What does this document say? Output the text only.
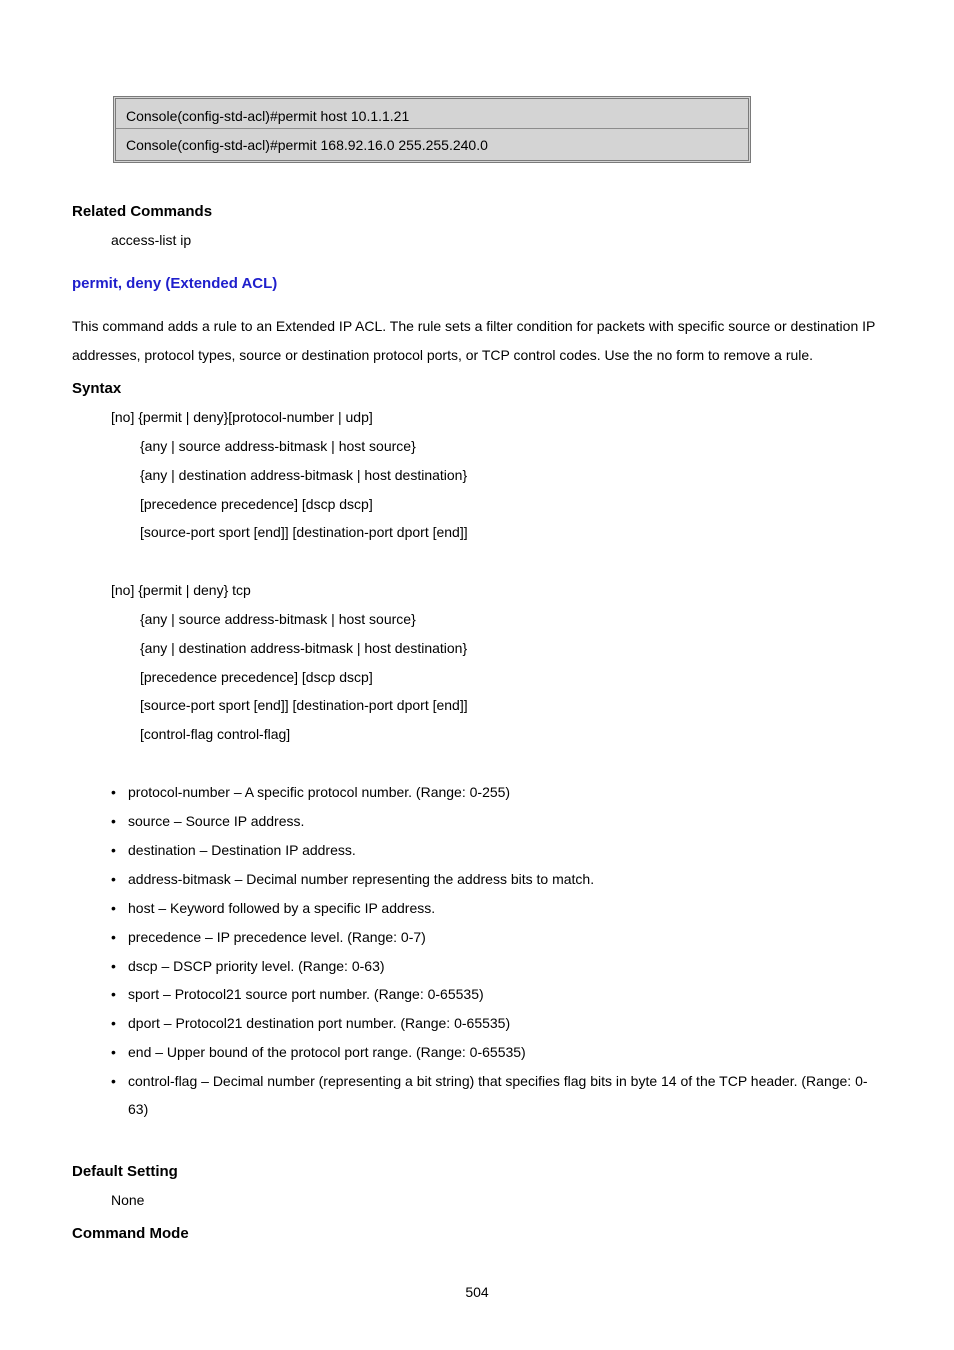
Console(config-std-acl)#permit host 10.1.1.21
Console(config-std-acl)#permit 168.92.16.0 255.255.240.0
Related Commands
access-list ip
permit, deny (Extended ACL)
This command adds a rule to an Extended IP ACL. The rule sets a filter condition for packets with specific source or destination IP addresses, protocol types, source or destination protocol ports, or TCP control codes. Use the no form to remove a rule.
Syntax
[no] {permit | deny}[protocol-number | udp]
{any | source address-bitmask | host source}
{any | destination address-bitmask | host destination}
[precedence precedence] [dscp dscp]
[source-port sport [end]] [destination-port dport [end]]
[no] {permit | deny} tcp
{any | source address-bitmask | host source}
{any | destination address-bitmask | host destination}
[precedence precedence] [dscp dscp]
[source-port sport [end]] [destination-port dport [end]]
[control-flag control-flag]
• protocol-number – A specific protocol number. (Range: 0-255)
• source – Source IP address.
• destination – Destination IP address.
• address-bitmask – Decimal number representing the address bits to match.
• host – Keyword followed by a specific IP address.
• precedence – IP precedence level. (Range: 0-7)
• dscp – DSCP priority level. (Range: 0-63)
• sport – Protocol21 source port number. (Range: 0-65535)
• dport – Protocol21 destination port number. (Range: 0-65535)
• end – Upper bound of the protocol port range. (Range: 0-65535)
• control-flag – Decimal number (representing a bit string) that specifies flag bits in byte 14 of the TCP header. (Range: 0-63)
Default Setting
None
Command Mode
504
